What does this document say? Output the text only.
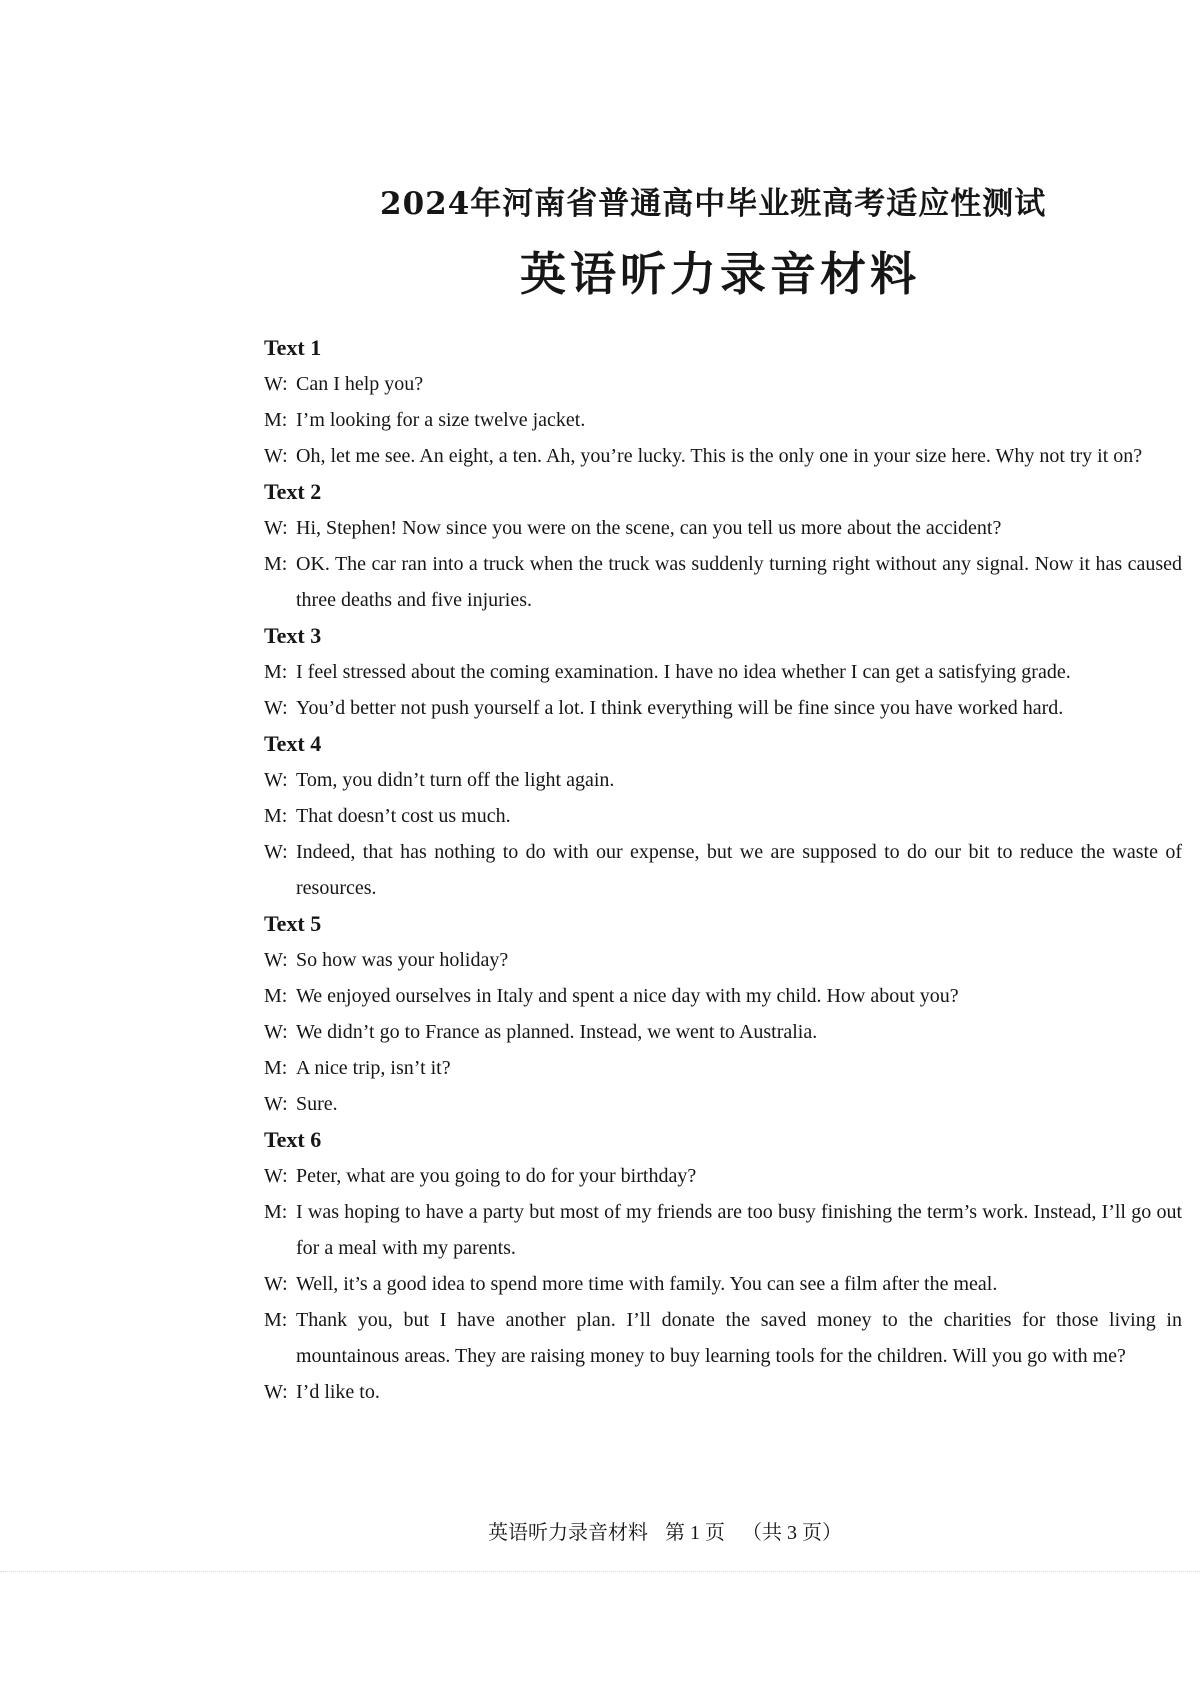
2024年河南省普通高中毕业班高考适应性测试
英语听力录音材料
Text 1
W: Can I help you?
M: I’m looking for a size twelve jacket.
W: Oh, let me see. An eight, a ten. Ah, you’re lucky. This is the only one in your size here. Why not try it on?
Text 2
W: Hi, Stephen! Now since you were on the scene, can you tell us more about the accident?
M: OK. The car ran into a truck when the truck was suddenly turning right without any signal. Now it has caused three deaths and five injuries.
Text 3
M: I feel stressed about the coming examination. I have no idea whether I can get a satisfying grade.
W: You’d better not push yourself a lot. I think everything will be fine since you have worked hard.
Text 4
W: Tom, you didn’t turn off the light again.
M: That doesn’t cost us much.
W: Indeed, that has nothing to do with our expense, but we are supposed to do our bit to reduce the waste of resources.
Text 5
W: So how was your holiday?
M: We enjoyed ourselves in Italy and spent a nice day with my child. How about you?
W: We didn’t go to France as planned. Instead, we went to Australia.
M: A nice trip, isn’t it?
W: Sure.
Text 6
W: Peter, what are you going to do for your birthday?
M: I was hoping to have a party but most of my friends are too busy finishing the term’s work. Instead, I’ll go out for a meal with my parents.
W: Well, it’s a good idea to spend more time with family. You can see a film after the meal.
M: Thank you, but I have another plan. I’ll donate the saved money to the charities for those living in mountainous areas. They are raising money to buy learning tools for the children. Will you go with me?
W: I’d like to.
英语听力录音材料 第 1 页 （共 3 页）
